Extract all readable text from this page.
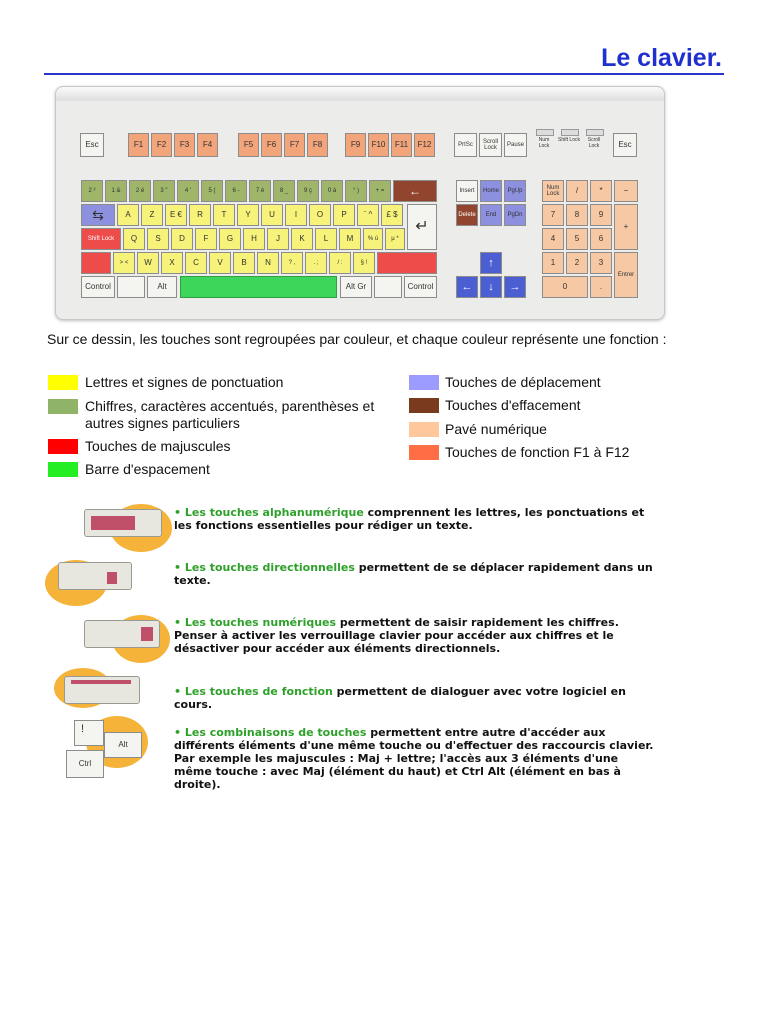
Le clavier.
Esc	F1	F2	F3	F4	F5	F6	F7	F8	F9	F10	F11	F12	PrtSc	Scroll Lock	Pause
Num Lock
Shift Lock	Scroll Lock	Esc
2 ²	1 &	2 é	3 "	4 '	5 (	6 -	7 è	8 _	9 ç	0 à	° )	+ =	←
⇆	A	Z	E €	R	T	Y	U	I	O	P	¨ ^	£ $
↵
Shift Lock	Q	S	D	F	G	H	J	K	L	M	% ù	µ *
> <	W	X	C	V	B	N	? ,	. ;	/ :	§ !
Control	Alt	Alt Gr	Control
Insert	Home	PgUp
Delete	End	PgDn
↑
←	↓	→
Num Lock	/	*	−
7	8	9
+
4	5	6
1	2	3
Entrer
0	.
Sur ce dessin, les touches sont regroupées par couleur, et chaque couleur représente une fonction :
Lettres et signes de ponctuation
Chiffres, caractères accentués, parenthèses et autres signes particuliers
Touches de majuscules
Barre d'espacement
Touches de déplacement
Touches d'effacement
Pavé numérique
Touches de fonction F1 à F12
!
Alt
Ctrl
• Les touches alphanumérique comprennent les lettres, les ponctuations et les fonctions essentielles pour rédiger un texte.
• Les touches directionnelles permettent de se déplacer rapidement dans un texte.
• Les touches numériques permettent de saisir rapidement les chiffres. Penser à activer les verrouillage clavier pour accéder aux chiffres et le désactiver pour accéder aux éléments directionnels.
• Les touches de fonction permettent de dialoguer avec votre logiciel en cours.
• Les combinaisons de touches permettent entre autre d'accéder aux différents éléments d'une même touche ou d'effectuer des raccourcis clavier. Par exemple les majuscules : Maj + lettre; l'accès aux 3 éléments d'une même touche : avec Maj (élément du haut) et Ctrl Alt (élément en bas à droite).
